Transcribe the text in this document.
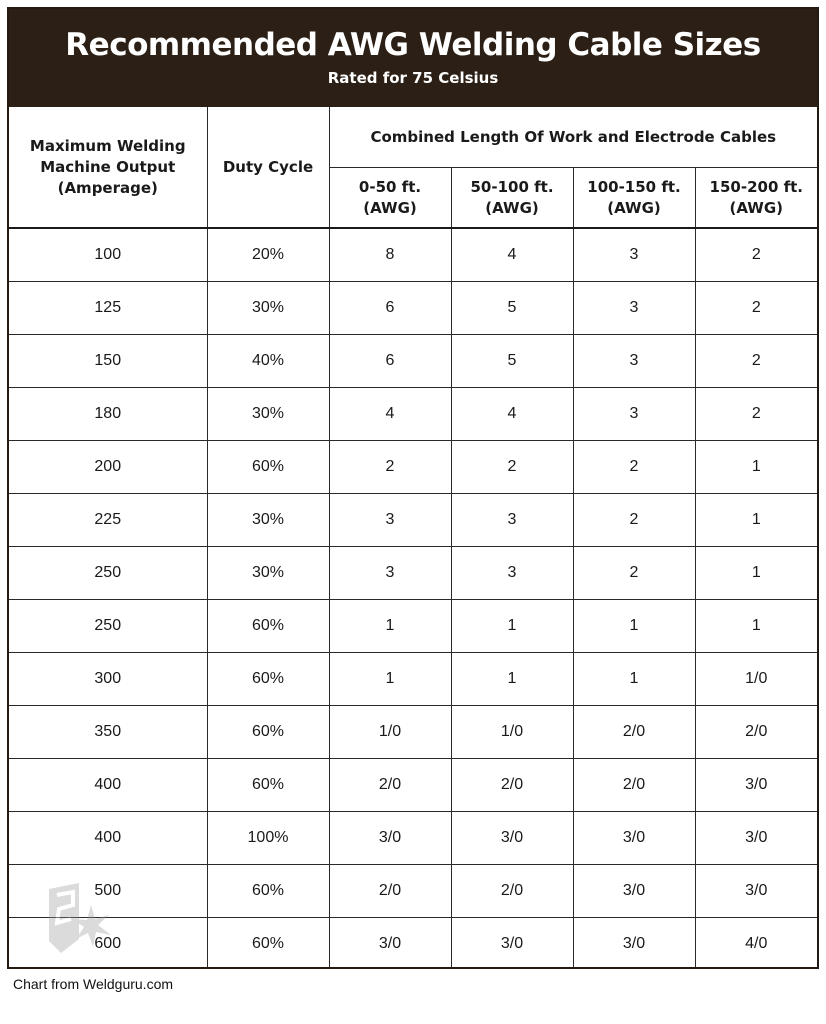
Recommended AWG Welding Cable Sizes
Rated for 75 Celsius
Maximum Welding Machine Output (Amperage)	Duty Cycle	Combined Length Of Work and Electrode Cables			
		0-50 ft. (AWG)	50-100 ft. (AWG)	100-150 ft. (AWG)	150-200 ft. (AWG)
100	20%	8	4	3	2
125	30%	6	5	3	2
150	40%	6	5	3	2
180	30%	4	4	3	2
200	60%	2	2	2	1
225	30%	3	3	2	1
250	30%	3	3	2	1
250	60%	1	1	1	1
300	60%	1	1	1	1/0
350	60%	1/0	1/0	2/0	2/0
400	60%	2/0	2/0	2/0	3/0
400	100%	3/0	3/0	3/0	3/0
500	60%	2/0	2/0	3/0	3/0
600	60%	3/0	3/0	3/0	4/0
Chart from Weldguru.com
